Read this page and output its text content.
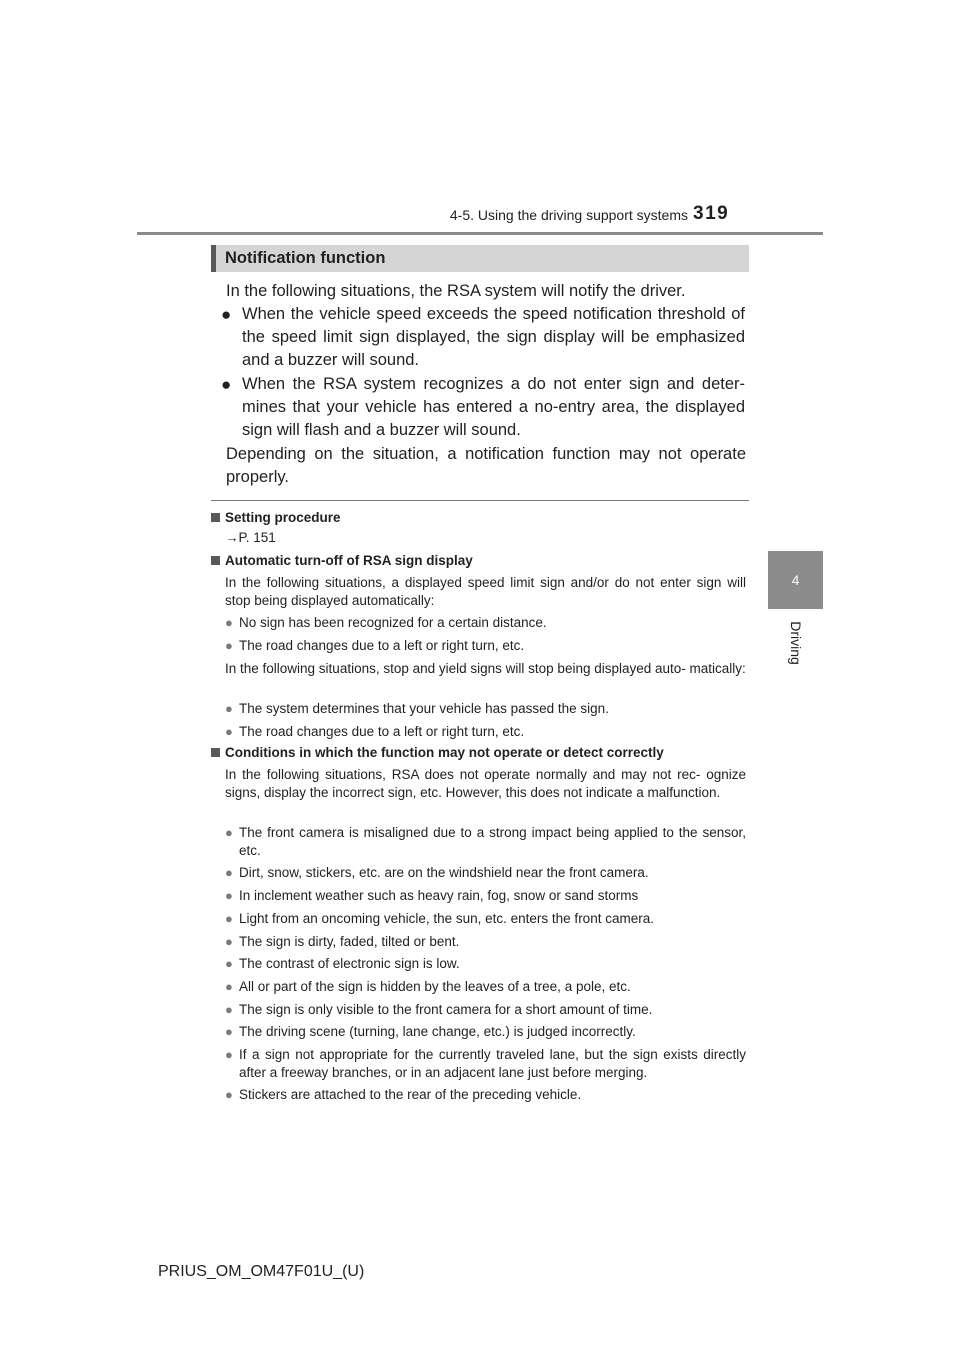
4-5. Using the driving support systems 319
4
Driving
Notification function
In the following situations, the RSA system will notify the driver.
● When the vehicle speed exceeds the speed notification threshold of the speed limit sign displayed, the sign display will be emphasized and a buzzer will sound.
● When the RSA system recognizes a do not enter sign and deter- mines that your vehicle has entered a no-entry area, the displayed sign will flash and a buzzer will sound.
Depending on the situation, a notification function may not operate properly.
Setting procedure
→P. 151
Automatic turn-off of RSA sign display
In the following situations, a displayed speed limit sign and/or do not enter sign will stop being displayed automatically:
● No sign has been recognized for a certain distance.
● The road changes due to a left or right turn, etc.
In the following situations, stop and yield signs will stop being displayed auto- matically:
● The system determines that your vehicle has passed the sign.
● The road changes due to a left or right turn, etc.
Conditions in which the function may not operate or detect correctly
In the following situations, RSA does not operate normally and may not rec- ognize signs, display the incorrect sign, etc. However, this does not indicate a malfunction.
● The front camera is misaligned due to a strong impact being applied to the sensor, etc.
● Dirt, snow, stickers, etc. are on the windshield near the front camera.
● In inclement weather such as heavy rain, fog, snow or sand storms
● Light from an oncoming vehicle, the sun, etc. enters the front camera.
● The sign is dirty, faded, tilted or bent.
● The contrast of electronic sign is low.
● All or part of the sign is hidden by the leaves of a tree, a pole, etc.
● The sign is only visible to the front camera for a short amount of time.
● The driving scene (turning, lane change, etc.) is judged incorrectly.
● If a sign not appropriate for the currently traveled lane, but the sign exists directly after a freeway branches, or in an adjacent lane just before merging.
● Stickers are attached to the rear of the preceding vehicle.
PRIUS_OM_OM47F01U_(U)
